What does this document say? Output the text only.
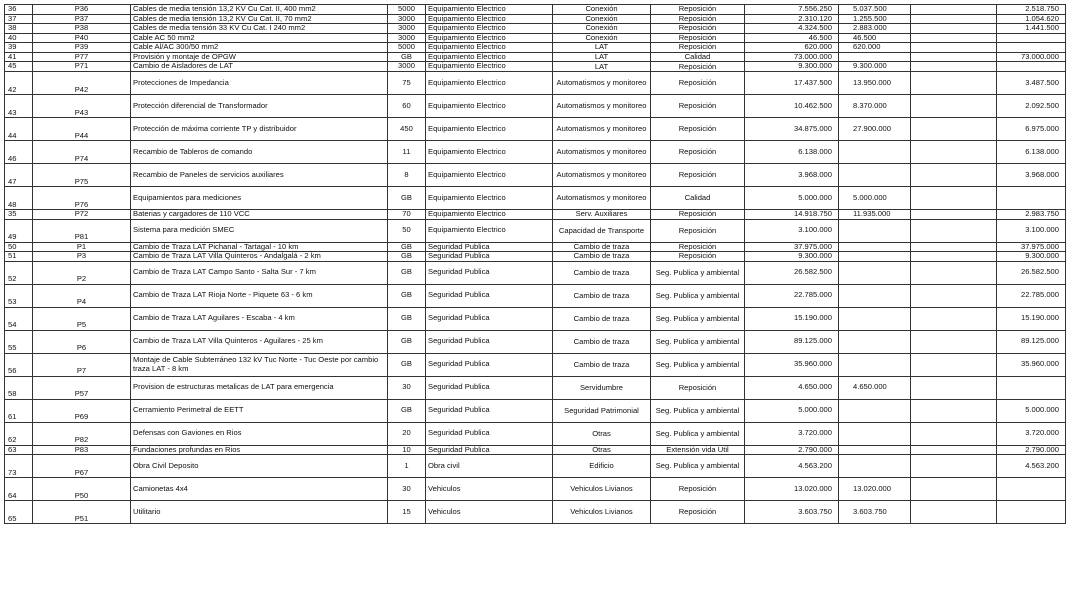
36	P36	Cables de media tensión 13,2 KV Cu Cat. II, 400 mm2	5000	Equipamiento Electrico	Conexión	Reposición	7.556.250	5.037.500		2.518.750
37	P37	Cables de media tensión 13,2 KV Cu Cat. II, 70 mm2	3000	Equipamiento Electrico	Conexión	Reposición	2.310.120	1.255.500		1.054.620
38	P38	Cables de media tensión 33 KV Cu Cat. I 240 mm2	3000	Equipamiento Electrico	Conexión	Reposición	4.324.500	2.883.000		1.441.500
40	P40	Cable AC 50 mm2	3000	Equipamiento Electrico	Conexión	Reposición	46.500	46.500		
39	P39	Cable Al/AC 300/50 mm2	5000	Equipamiento Electrico	LAT	Reposición	620.000	620.000		
41	P77	Provisión y montaje de OPGW	GB	Equipamiento Electrico	LAT	Calidad	73.000.000			73.000.000
45	P71	Cambio de Aisladores de LAT	3000	Equipamiento Electrico	LAT	Reposición	9.300.000	9.300.000		
42	P42	Protecciones de Impedancia	75	Equipamiento Electrico	Automatismos y monitoreo	Reposición	17.437.500	13.950.000		3.487.500
43	P43	Protección diferencial de Transformador	60	Equipamiento Electrico	Automatismos y monitoreo	Reposición	10.462.500	8.370.000		2.092.500
44	P44	Protección de máxima corriente TP y distribuidor	450	Equipamiento Electrico	Automatismos y monitoreo	Reposición	34.875.000	27.900.000		6.975.000
46	P74	Recambio de Tableros de comando	11	Equipamiento Electrico	Automatismos y monitoreo	Reposición	6.138.000			6.138.000
47	P75	Recambio de Paneles de servicios auxiliares	8	Equipamiento Electrico	Automatismos y monitoreo	Reposición	3.968.000			3.968.000
48	P76	Equipamientos para mediciones	GB	Equipamiento Electrico	Automatismos y monitoreo	Calidad	5.000.000	5.000.000		
35	P72	Baterias y cargadores de 110 VCC	70	Equipamiento Electrico	Serv. Auxiliares	Reposición	14.918.750	11.935.000		2.983.750
49	P81	Sistema para medición SMEC	50	Equipamiento Electrico	Capacidad de Transporte	Reposición	3.100.000			3.100.000
50	P1	Cambio de Traza LAT Pichanal - Tartagal - 10 km	GB	Seguridad Publica	Cambio de traza	Reposición	37.975.000			37.975.000
51	P3	Cambio de Traza LAT Villa Quinteros - Andalgalá - 2 km	GB	Seguridad Publica	Cambio de traza	Reposición	9.300.000			9.300.000
52	P2	Cambio de Traza LAT Campo Santo - Salta Sur - 7 km	GB	Seguridad Publica	Cambio de traza	Seg. Publica y ambiental	26.582.500			26.582.500
53	P4	Cambio de Traza LAT Rioja Norte - Piquete 63 - 6 km	GB	Seguridad Publica	Cambio de traza	Seg. Publica y ambiental	22.785.000			22.785.000
54	P5	Cambio de Traza LAT Aguilares - Escaba - 4 km	GB	Seguridad Publica	Cambio de traza	Seg. Publica y ambiental	15.190.000			15.190.000
55	P6	Cambio de Traza LAT Villa Quinteros - Aguilares - 25 km	GB	Seguridad Publica	Cambio de traza	Seg. Publica y ambiental	89.125.000			89.125.000
56	P7	Montaje de Cable Subterráneo 132 kV Tuc Norte - Tuc Oeste por cambio traza LAT - 8 km	GB	Seguridad Publica	Cambio de traza	Seg. Publica y ambiental	35.960.000			35.960.000
58	P57	Provision de estructuras metalicas de LAT para emergencia	30	Seguridad Publica	Servidumbre	Reposición	4.650.000	4.650.000		
61	P69	Cerramiento Perimetral de EETT	GB	Seguridad Publica	Seguridad Patrimonial	Seg. Publica y ambiental	5.000.000			5.000.000
62	P82	Defensas con Gaviones en Rios	20	Seguridad Publica	Otras	Seg. Publica y ambiental	3.720.000			3.720.000
63	P83	Fundaciones profundas en Rios	10	Seguridad Publica	Otras	Extensión vida Util	2.790.000			2.790.000
73	P67	Obra Civil Deposito	1	Obra civil	Edificio	Seg. Publica y ambiental	4.563.200			4.563.200
64	P50	Camionetas 4x4	30	Vehiculos	Vehiculos Livianos	Reposición	13.020.000	13.020.000		
65	P51	Utilitario	15	Vehiculos	Vehiculos Livianos	Reposición	3.603.750	3.603.750		
